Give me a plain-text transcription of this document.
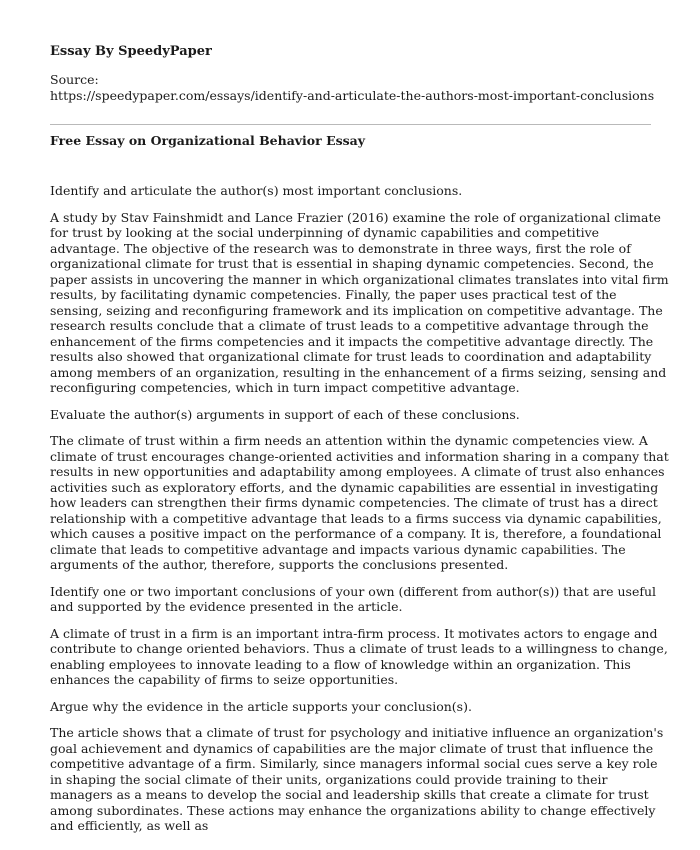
Essay By SpeedyPaper
Source:
https://speedypaper.com/essays/identify-and-articulate-the-authors-most-important-conclusions
Free Essay on Organizational Behavior Essay

Identify and articulate the author(s) most important conclusions.

A study by Stav Fainshmidt and Lance Frazier (2016) examine the role of organizational climate for trust by looking at the social underpinning of dynamic capabilities and competitive advantage. The objective of the research was to demonstrate in three ways, first the role of organizational climate for trust that is essential in shaping dynamic competencies. Second, the paper assists in uncovering the manner in which organizational climates translates into vital firm results, by facilitating dynamic competencies. Finally, the paper uses practical test of the sensing, seizing and reconfiguring framework and its implication on competitive advantage. The research results conclude that a climate of trust leads to a competitive advantage through the enhancement of the firms competencies and it impacts the competitive advantage directly. The results also showed that organizational climate for trust leads to coordination and adaptability among members of an organization, resulting in the enhancement of a firms seizing, sensing and reconfiguring competencies, which in turn impact competitive advantage.

Evaluate the author(s) arguments in support of each of these conclusions.

The climate of trust within a firm needs an attention within the dynamic competencies view. A climate of trust encourages change-oriented activities and information sharing in a company that results in new opportunities and adaptability among employees. A climate of trust also enhances activities such as exploratory efforts, and the dynamic capabilities are essential in investigating how leaders can strengthen their firms dynamic competencies. The climate of trust has a direct relationship with a competitive advantage that leads to a firms success via dynamic capabilities, which causes a positive impact on the performance of a company. It is, therefore, a foundational climate that leads to competitive advantage and impacts various dynamic capabilities. The arguments of the author, therefore, supports the conclusions presented.

Identify one or two important conclusions of your own (different from author(s)) that are useful and supported by the evidence presented in the article.

A climate of trust in a firm is an important intra-firm process. It motivates actors to engage and contribute to change oriented behaviors. Thus a climate of trust leads to a willingness to change, enabling employees to innovate leading to a flow of knowledge within an organization. This enhances the capability of firms to seize opportunities.

Argue why the evidence in the article supports your conclusion(s).

The article shows that a climate of trust for psychology and initiative influence an organization's goal achievement and dynamics of capabilities are the major climate of trust that influence the competitive advantage of a firm. Similarly, since managers informal social cues serve a key role in shaping the social climate of their units, organizations could provide training to their managers as a means to develop the social and leadership skills that create a climate for trust among subordinates. These actions may enhance the organizations ability to change effectively and efficiently, as well as
